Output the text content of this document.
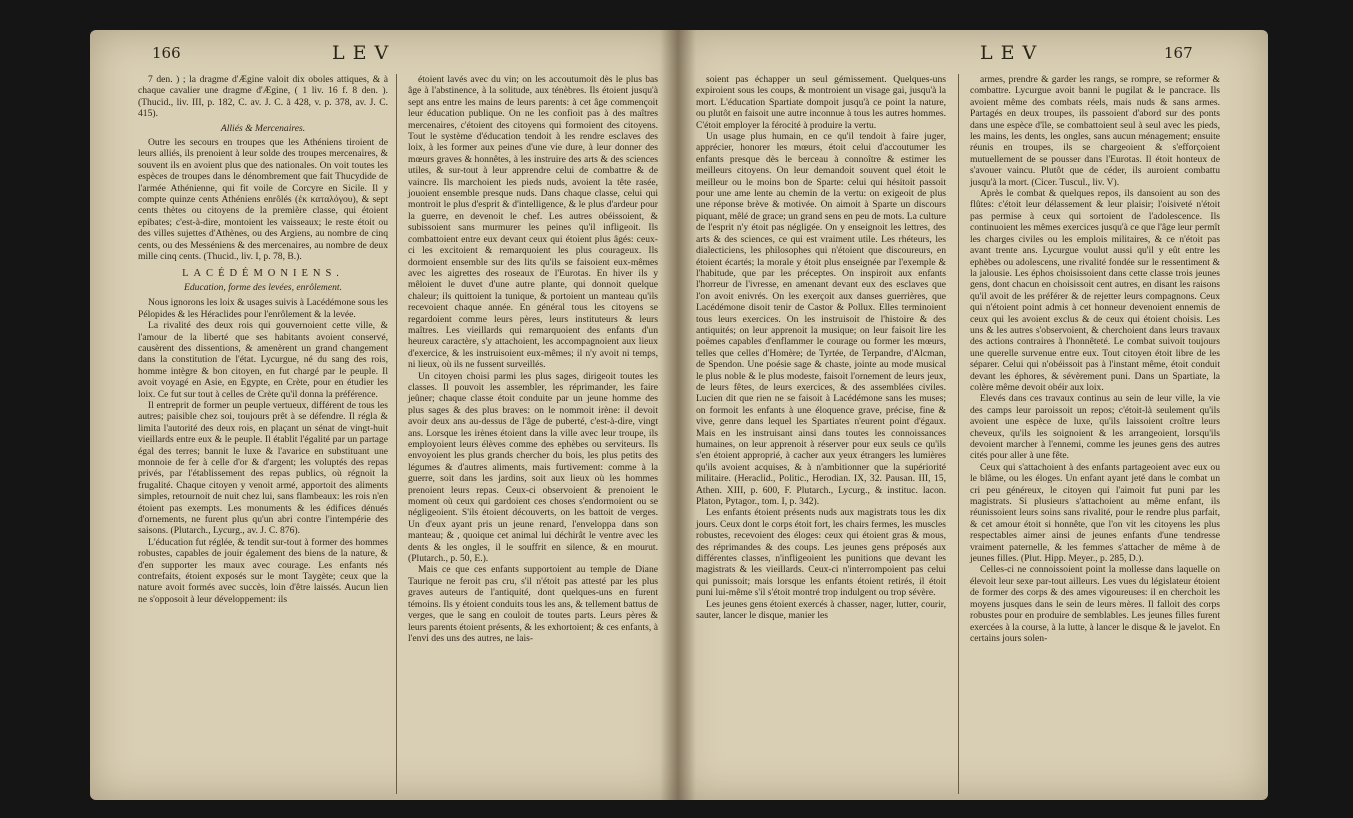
166	LEV

7 den. ) ; la dragme d'Ægine valoit dix oboles attiques, & à chaque cavalier une dragme d'Ægine, ( 1 liv. 16 f. 8 den. ). (Thucid., liv. III, p. 182, C. av. J. C. ã 428, v. p. 378, av. J. C. 415).

Alliés & Mercenaires.

Outre les secours en troupes que les Athéniens tiroient de leurs alliés, ils prenoient à leur solde des troupes mercenaires, & souvent ils en avoient plus que des nationales. On voit toutes les espèces de troupes dans le dénombrement que fait Thucydide de l'armée Athénienne, qui fit voile de Corcyre en Sicile. Il y compte quinze cents Athéniens enrôlés (ἐκ καταλόγου), & sept cents thètes ou citoyens de la première classe, qui étoient epibates; c'est-à-dire, montoient les vaisseaux; le reste étoit ou des villes sujettes d'Athènes, ou des Argiens, au nombre de cinq cents, ou des Messéniens & des mercenaires, au nombre de deux mille cinq cents. (Thucid., liv. I, p. 78, B.).

LACÉDÉMONIENS.

Education, forme des levées, enrôlement.

Nous ignorons les loix & usages suivis à Lacédémone sous les Pélopides & les Héraclides pour l'enrôlement & la levée.

La rivalité des deux rois qui gouvernoient cette ville, & l'amour de la liberté que ses habitants avoient conservé, causèrent des dissentions, & amenèrent un grand changement dans la constitution de l'état. Lycurgue, né du sang des rois, homme intègre & bon citoyen, en fut chargé par le peuple. Il avoit voyagé en Asie, en Egypte, en Crète, pour en étudier les loix. Ce fut sur tout à celles de Crète qu'il donna la préférence.

Il entreprit de former un peuple vertueux, différent de tous les autres; paisible chez soi, toujours prêt à se défendre. Il régla & limita l'autorité des deux rois, en plaçant un sénat de vingt-huit vieillards entre eux & le peuple. Il établit l'égalité par un partage égal des terres; bannit le luxe & l'avarice en substituant une monnoie de fer à celle d'or & d'argent; les voluptés des repas privés, par l'établissement des repas publics, où régnoit la frugalité. Chaque citoyen y venoit armé, apportoit des aliments simples, retournoit de nuit chez lui, sans flambeaux: les rois n'en étoient pas exempts. Les monuments & les édifices dénués d'ornements, ne furent plus qu'un abri contre l'intempérie des saisons. (Plutarch., Lycurg., av. J. C. 876).

L'éducation fut réglée, & tendit sur-tout à former des hommes robustes, capables de jouir également des biens de la nature, & d'en supporter les maux avec courage. Les enfants nés contrefaits, étoient exposés sur le mont Taygète; ceux que la nature avoit formés avec succès, loin d'être laissés. Aucun lien ne s'opposoit à leur développement: ils

étoient lavés avec du vin; on les accoutumoit dès le plus bas âge à l'abstinence, à la solitude, aux ténèbres. Ils étoient jusqu'à sept ans entre les mains de leurs parents: à cet âge commençoit leur éducation publique. On ne les confioit pas à des maîtres mercenaires, c'étoient des citoyens qui formoient des citoyens. Tout le système d'éducation tendoit à les rendre esclaves des loix, à les former aux peines d'une vie dure, à leur donner des mœurs graves & honnêtes, à les instruire des arts & des sciences utiles, & sur-tout à leur apprendre celui de combattre & de vaincre. Ils marchoient les pieds nuds, avoient la tête rasée, jouoient ensemble presque nuds. Dans chaque classe, celui qui montroit le plus d'esprit & d'intelligence, & le plus d'ardeur pour la guerre, en devenoit le chef. Les autres obéissoient, & subissoient sans murmurer les peines qu'il infligeoit. Ils combattoient entre eux devant ceux qui étoient plus âgés: ceux-ci les excitoient & remarquoient les plus courageux. Ils dormoient ensemble sur des lits qu'ils se faisoient eux-mêmes avec les aigrettes des roseaux de l'Eurotas. En hiver ils y mêloient le duvet d'une autre plante, qui donnoit quelque chaleur; ils quittoient la tunique, & portoient un manteau qu'ils recevoient chaque année. En général tous les citoyens se regardoient comme leurs pères, leurs instituteurs & leurs maîtres. Les vieillards qui remarquoient des enfants d'un heureux caractère, s'y attachoient, les accompagnoient aux lieux d'exercice, & les instruisoient eux-mêmes; il n'y avoit ni temps, ni lieux, où ils ne fussent surveillés.

Un citoyen choisi parmi les plus sages, dirigeoit toutes les classes. Il pouvoit les assembler, les réprimander, les faire jeûner; chaque classe étoit conduite par un jeune homme des plus sages & des plus braves: on le nommoit irène: il devoit avoir deux ans au-dessus de l'âge de puberté, c'est-à-dire, vingt ans. Lorsque les irènes étoient dans la ville avec leur troupe, ils employoient leurs élèves comme des ephèbes ou serviteurs. Ils envoyoient les plus grands chercher du bois, les plus petits des légumes & d'autres aliments, mais furtivement: comme à la guerre, soit dans les jardins, soit aux lieux où les hommes prenoient leurs repas. Ceux-ci observoient & prenoient le moment où ceux qui gardoient ces choses s'endormoient ou se négligeoient. S'ils étoient découverts, on les battoit de verges. Un d'eux ayant pris un jeune renard, l'enveloppa dans son manteau; & , quoique cet animal lui déchirât le ventre avec les dents & les ongles, il le souffrit en silence, & en mourut. (Plutarch., p. 50, E.).

Mais ce que ces enfants supportoient au temple de Diane Taurique ne feroit pas cru, s'il n'étoit pas attesté par les plus graves auteurs de l'antiquité, dont quelques-uns en furent témoins. Ils y étoient conduits tous les ans, & tellement battus de verges, que le sang en couloit de toutes parts. Leurs pères & leurs parents étoient présents, & les exhortoient; & ces enfants, à l'envi des uns des autres, ne lais-

LEV	167

soient pas échapper un seul gémissement. Quelques-uns expiroient sous les coups, & montroient un visage gai, jusqu'à la mort. L'éducation Spartiate dompoit jusqu'à ce point la nature, ou plutôt en faisoit une autre inconnue à tous les autres hommes. C'étoit employer la férocité à produire la vertu.

Un usage plus humain, en ce qu'il tendoit à faire juger, apprécier, honorer les mœurs, étoit celui d'accoutumer les enfants presque dès le berceau à connoître & estimer les meilleurs citoyens. On leur demandoit souvent quel étoit le meilleur ou le moins bon de Sparte: celui qui hésitoit passoit pour une ame lente au chemin de la vertu: on exigeoit de plus une réponse brève & motivée. On aimoit à Sparte un discours piquant, mêlé de grace; un grand sens en peu de mots. La culture de l'esprit n'y étoit pas négligée. On y enseignoit les lettres, des arts & des sciences, ce qui est vraiment utile. Les rhéteurs, les dialecticiens, les philosophes qui n'étoient que discoureurs, en étoient écartés; la morale y étoit plus enseignée par l'exemple & l'habitude, que par les préceptes. On inspiroit aux enfants l'horreur de l'ivresse, en amenant devant eux des esclaves que l'on avoit enivrés. On les exerçoit aux danses guerrières, que Lacédémone disoit tenir de Castor & Pollux. Elles terminoient tous leurs exercices. On les instruisoit de l'histoire & des antiquités; on leur apprenoit la musique; on leur faisoit lire les poëmes capables d'enflammer le courage ou former les mœurs, telles que celles d'Homère; de Tyrtée, de Terpandre, d'Alcman, de Spendon. Une poésie sage & chaste, jointe au mode musical le plus noble & le plus modeste, faisoit l'ornement de leurs jeux, de leurs fêtes, de leurs exercices, & des assemblées civiles. Lucien dit que rien ne se faisoit à Lacédémone sans les muses; on formoit les enfants à une éloquence grave, précise, fine & vive, genre dans lequel les Spartiates n'eurent point d'égaux. Mais en les instruisant ainsi dans toutes les connoissances humaines, on leur apprenoit à réserver pour eux seuls ce qu'ils s'en étoient approprié, à cacher aux yeux étrangers les lumières qu'ils avoient acquises, & à n'ambitionner que la supériorité militaire. (Heraclid., Politic., Herodian. IX, 32. Pausan. III, 15, Athen. XIII, p. 600, F. Plutarch., Lycurg., & instituc. lacon. Platon, Pytagor., tom. I, p. 342).

Les enfants étoient présents nuds aux magistrats tous les dix jours. Ceux dont le corps étoit fort, les chairs fermes, les muscles robustes, recevoient des éloges: ceux qui étoient gras & mous, des réprimandes & des coups. Les jeunes gens préposés aux différentes classes, n'infligeoient les punitions que devant les magistrats & les vieillards. Ceux-ci n'interrompoient pas celui qui punissoit; mais lorsque les enfants étoient retirés, il étoit puni lui-même s'il s'étoit montré trop indulgent ou trop sévère.

Les jeunes gens étoient exercés à chasser, nager, lutter, courir, sauter, lancer le disque, manier les

armes, prendre & garder les rangs, se rompre, se reformer & combattre. Lycurgue avoit banni le pugilat & le pancrace. Ils avoient même des combats réels, mais nuds & sans armes. Partagés en deux troupes, ils passoient d'abord sur des ponts dans une espèce d'île, se combattoient seul à seul avec les pieds, les mains, les dents, les ongles, sans aucun ménagement; ensuite réunis en troupes, ils se chargeoient & s'efforçoient mutuellement de se pousser dans l'Eurotas. Il étoit honteux de s'avouer vaincu. Plutôt que de céder, ils auroient combattu jusqu'à la mort. (Cicer. Tuscul., liv. V).

Après le combat & quelques repos, ils dansoient au son des flûtes: c'étoit leur délassement & leur plaisir; l'oisiveté n'étoit pas permise à ceux qui sortoient de l'adolescence. Ils continuoient les mêmes exercices jusqu'à ce que l'âge leur permît les charges civiles ou les emplois militaires, & ce n'étoit pas avant trente ans. Lycurgue voulut aussi qu'il y eût entre les ephèbes ou adolescens, une rivalité fondée sur le ressentiment & la jalousie. Les éphos choisissoient dans cette classe trois jeunes gens, dont chacun en choisissoit cent autres, en disant les raisons qu'il avoit de les préférer & de rejetter leurs compagnons. Ceux qui n'étoient point admis à cet honneur devenoient ennemis de ceux qui les avoient exclus & de ceux qui étoient choisis. Les uns & les autres s'observoient, & cherchoient dans leurs travaux des actions contraires à l'honnêteté. Le combat suivoit toujours une querelle survenue entre eux. Tout citoyen étoit libre de les séparer. Celui qui n'obéissoit pas à l'instant même, étoit conduit devant les éphores, & sévèrement puni. Dans un Spartiate, la colère même devoit obéir aux loix.

Elevés dans ces travaux continus au sein de leur ville, la vie des camps leur paroissoit un repos; c'étoit-là seulement qu'ils avoient une espèce de luxe, qu'ils laissoient croître leurs cheveux, qu'ils les soignoient & les arrangeoient, lorsqu'ils devoient marcher à l'ennemi, comme les jeunes gens des autres cités pour aller à une fête.

Ceux qui s'attachoient à des enfants partageoient avec eux ou le blâme, ou les éloges. Un enfant ayant jeté dans le combat un cri peu généreux, le citoyen qui l'aimoit fut puni par les magistrats. Si plusieurs s'attachoient au même enfant, ils réunissoient leurs soins sans rivalité, pour le rendre plus parfait, & cet amour étoit si honnête, que l'on vit les citoyens les plus respectables aimer ainsi de jeunes enfants d'une tendresse vraiment paternelle, & les femmes s'attacher de même à de jeunes filles. (Plut. Hipp. Meyer., p. 285, D.).

Celles-ci ne connoissoient point la mollesse dans laquelle on élevoit leur sexe par-tout ailleurs. Les vues du législateur étoient de former des corps & des ames vigoureuses: il en cherchoit les moyens jusques dans le sein de leurs mères. Il falloit des corps robustes pour en produire de semblables. Les jeunes filles furent exercées à la course, à la lutte, à lancer le disque & le javelot. En certains jours solen-
